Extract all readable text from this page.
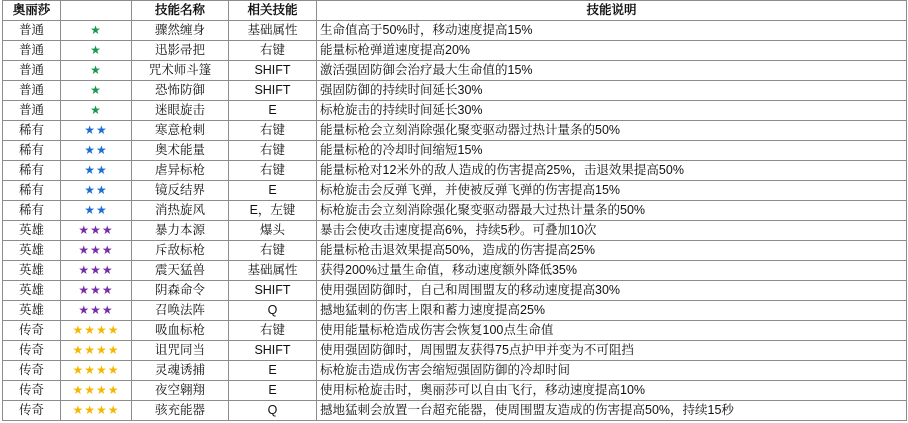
奥丽莎		技能名称	相关技能	技能说明
普通	★	骤然缠身	基础属性	生命值高于50%时，移动速度提高15%
普通	★	迅影帚把	右键	能量标枪弹道速度提高20%
普通	★	咒术师斗篷	SHIFT	激活强固防御会治疗最大生命值的15%
普通	★	恐怖防御	SHIFT	强固防御的持续时间延长30%
普通	★	迷眼旋击	E	标枪旋击的持续时间延长30%
稀有	★★	寒意枪刺	右键	能量标枪会立刻消除强化聚变驱动器过热计量条的50%
稀有	★★	奥术能量	右键	能量标枪的冷却时间缩短15%
稀有	★★	虐异标枪	右键	能量标枪对12米外的敌人造成的伤害提高25%，击退效果提高50%
稀有	★★	镜反结界	E	标枪旋击会反弹飞弹，并使被反弹飞弹的伤害提高15%
稀有	★★	消热旋风	E，左键	标枪旋击会立刻消除强化聚变驱动器最大过热计量条的50%
英雄	★★★	暴力本源	爆头	暴击会使攻击速度提高6%，持续5秒。可叠加10次
英雄	★★★	斥敌标枪	右键	能量标枪击退效果提高50%，造成的伤害提高25%
英雄	★★★	震天猛兽	基础属性	获得200%过量生命值，移动速度额外降低35%
英雄	★★★	阴森命令	SHIFT	使用强固防御时，自己和周围盟友的移动速度提高30%
英雄	★★★	召唤法阵	Q	撼地猛刺的伤害上限和蓄力速度提高25%
传奇	★★★★	吸血标枪	右键	使用能量标枪造成伤害会恢复100点生命值
传奇	★★★★	诅咒同当	SHIFT	使用强固防御时，周围盟友获得75点护甲并变为不可阻挡
传奇	★★★★	灵魂诱捕	E	标枪旋击造成伤害会缩短强固防御的冷却时间
传奇	★★★★	夜空翱翔	E	使用标枪旋击时，奥丽莎可以自由飞行，移动速度提高10%
传奇	★★★★	骇充能器	Q	撼地猛刺会放置一台超充能器，使周围盟友造成的伤害提高50%，持续15秒
